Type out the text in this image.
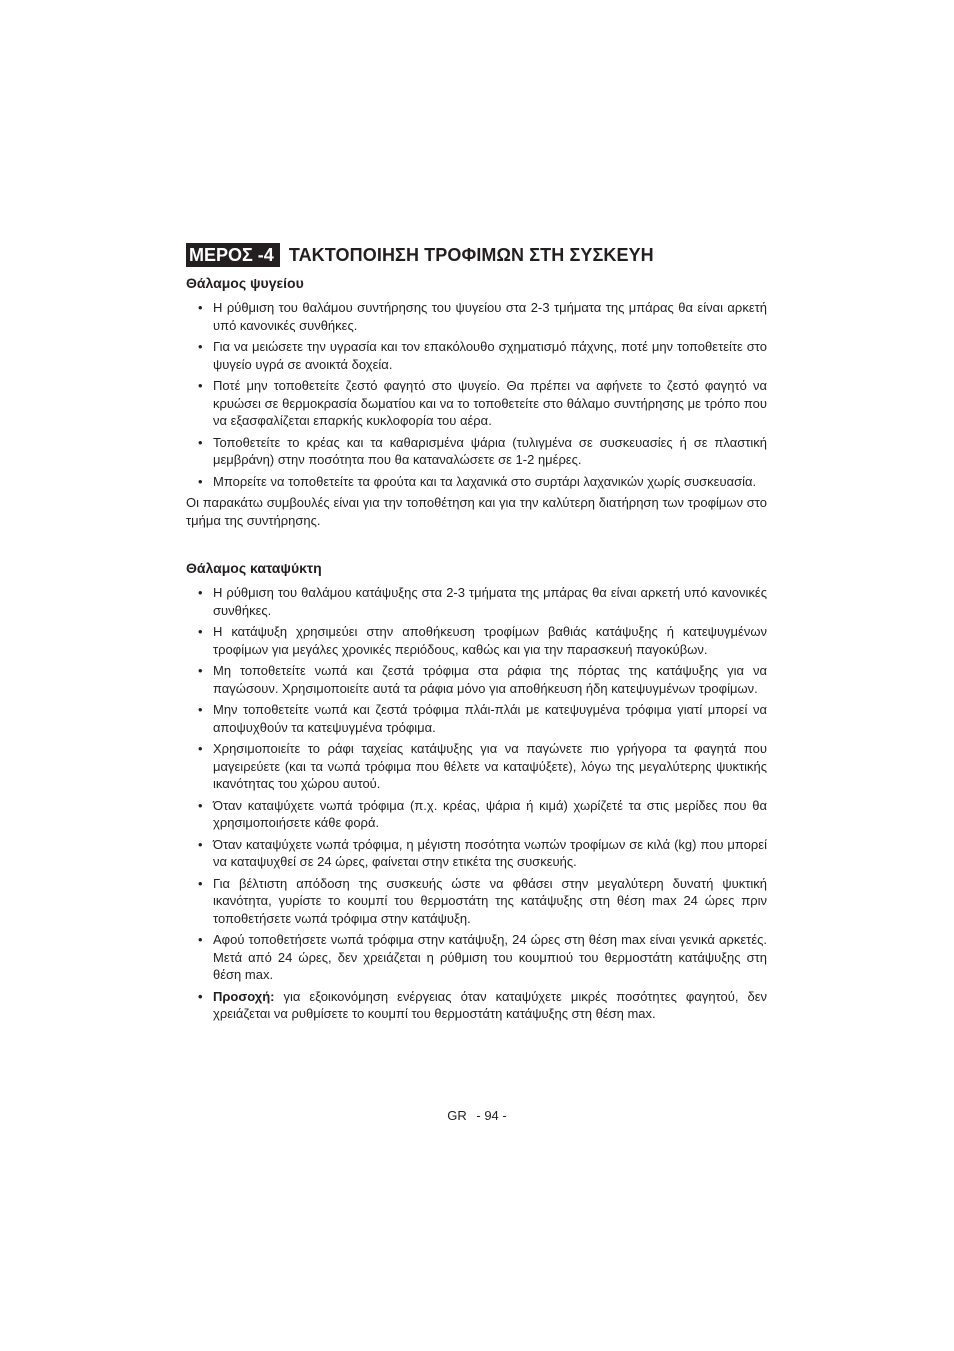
ΜΕΡΟΣ -4 ΤΑΚΤΟΠΟΙΗΣΗ ΤΡΟΦΙΜΩΝ ΣΤΗ ΣΥΣΚΕΥΗ
Θάλαμος ψυγείου
• Η ρύθμιση του θαλάμου συντήρησης του ψυγείου στα 2-3 τμήματα της μπάρας θα είναι αρκετή υπό κανονικές συνθήκες.
• Για να μειώσετε την υγρασία και τον επακόλουθο σχηματισμό πάχνης, ποτέ μην τοποθετείτε στο ψυγείο υγρά σε ανοικτά δοχεία.
• Ποτέ μην τοποθετείτε ζεστό φαγητό στο ψυγείο. Θα πρέπει να αφήνετε το ζεστό φαγητό να κρυώσει σε θερμοκρασία δωματίου και να το τοποθετείτε στο θάλαμο συντήρησης με τρόπο που να εξασφαλίζεται επαρκής κυκλοφορία του αέρα.
• Τοποθετείτε το κρέας και τα καθαρισμένα ψάρια (τυλιγμένα σε συσκευασίες ή σε πλαστική μεμβράνη) στην ποσότητα που θα καταναλώσετε σε 1-2 ημέρες.
• Μπορείτε να τοποθετείτε τα φρούτα και τα λαχανικά στο συρτάρι λαχανικών χωρίς συσκευασία.

Οι παρακάτω συμβουλές είναι για την τοποθέτηση και για την καλύτερη διατήρηση των τροφίμων στο τμήμα της συντήρησης.

Θάλαμος καταψύκτη
• Η ρύθμιση του θαλάμου κατάψυξης στα 2-3 τμήματα της μπάρας θα είναι αρκετή υπό κανονικές συνθήκες.
• Η κατάψυξη χρησιμεύει στην αποθήκευση τροφίμων βαθιάς κατάψυξης ή κατεψυγμένων τροφίμων για μεγάλες χρονικές περιόδους, καθώς και για την παρασκευή παγοκύβων.
• Μη τοποθετείτε νωπά και ζεστά τρόφιμα στα ράφια της πόρτας της κατάψυξης για να παγώσουν. Χρησιμοποιείτε αυτά τα ράφια μόνο για αποθήκευση ήδη κατεψυγμένων τροφίμων.
• Μην τοποθετείτε νωπά και ζεστά τρόφιμα πλάι-πλάι με κατεψυγμένα τρόφιμα γιατί μπορεί να αποψυχθούν τα κατεψυγμένα τρόφιμα.
• Χρησιμοποιείτε το ράφι ταχείας κατάψυξης για να παγώνετε πιο γρήγορα τα φαγητά που μαγειρεύετε (και τα νωπά τρόφιμα που θέλετε να καταψύξετε), λόγω της μεγαλύτερης ψυκτικής ικανότητας του χώρου αυτού.
• Όταν καταψύχετε νωπά τρόφιμα (π.χ. κρέας, ψάρια ή κιμά) χωρίζετέ τα στις μερίδες που θα χρησιμοποιήσετε κάθε φορά.
• Όταν καταψύχετε νωπά τρόφιμα, η μέγιστη ποσότητα νωπών τροφίμων σε κιλά (kg) που μπορεί να καταψυχθεί σε 24 ώρες, φαίνεται στην ετικέτα της συσκευής.
• Για βέλτιστη απόδοση της συσκευής ώστε να φθάσει στην μεγαλύτερη δυνατή ψυκτική ικανότητα, γυρίστε το κουμπί του θερμοστάτη της κατάψυξης στη θέση max 24 ώρες πριν τοποθετήσετε νωπά τρόφιμα στην κατάψυξη.
• Αφού τοποθετήσετε νωπά τρόφιμα στην κατάψυξη, 24 ώρες στη θέση max είναι γενικά αρκετές. Μετά από 24 ώρες, δεν χρειάζεται η ρύθμιση του κουμπιού του θερμοστάτη κατάψυξης στη θέση max.
• Προσοχή: για εξοικονόμηση ενέργειας όταν καταψύχετε μικρές ποσότητες φαγητού, δεν χρειάζεται να ρυθμίσετε το κουμπί του θερμοστάτη κατάψυξης στη θέση max.
GR - 94 -
